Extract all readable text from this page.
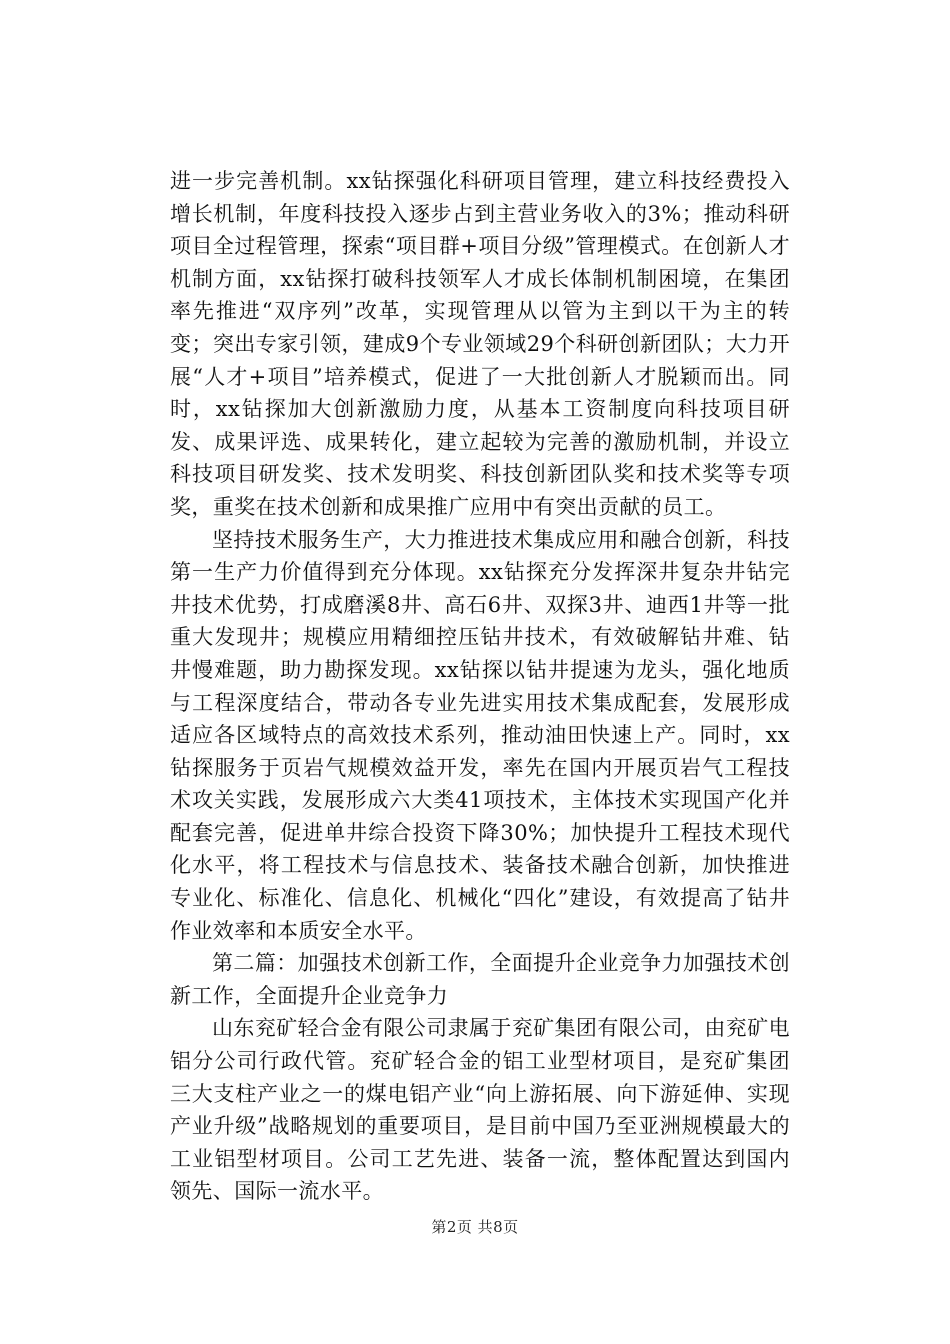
进一步完善机制。xx钻探强化科研项目管理，建立科技经费投入增长机制，年度科技投入逐步占到主营业务收入的3%；推动科研项目全过程管理，探索“项目群+项目分级”管理模式。在创新人才机制方面，xx钻探打破科技领军人才成长体制机制困境，在集团率先推进“双序列”改革，实现管理从以管为主到以干为主的转变；突出专家引领，建成9个专业领域29个科研创新团队；大力开展“人才+项目”培养模式，促进了一大批创新人才脱颖而出。同时，xx钻探加大创新激励力度，从基本工资制度向科技项目研发、成果评选、成果转化，建立起较为完善的激励机制，并设立科技项目研发奖、技术发明奖、科技创新团队奖和技术奖等专项奖，重奖在技术创新和成果推广应用中有突出贡献的员工。

坚持技术服务生产，大力推进技术集成应用和融合创新，科技第一生产力价值得到充分体现。xx钻探充分发挥深井复杂井钻完井技术优势，打成磨溪8井、高石6井、双探3井、迪西1井等一批重大发现井；规模应用精细控压钻井技术，有效破解钻井难、钻井慢难题，助力勘探发现。xx钻探以钻井提速为龙头，强化地质与工程深度结合，带动各专业先进实用技术集成配套，发展形成适应各区域特点的高效技术系列，推动油田快速上产。同时，xx钻探服务于页岩气规模效益开发，率先在国内开展页岩气工程技术攻关实践，发展形成六大类41项技术，主体技术实现国产化并配套完善，促进单井综合投资下降30%；加快提升工程技术现代化水平，将工程技术与信息技术、装备技术融合创新，加快推进专业化、标准化、信息化、机械化“四化”建设，有效提高了钻井作业效率和本质安全水平。

第二篇：加强技术创新工作，全面提升企业竞争力加强技术创新工作，全面提升企业竞争力

山东兖矿轻合金有限公司隶属于兖矿集团有限公司，由兖矿电铝分公司行政代管。兖矿轻合金的铝工业型材项目，是兖矿集团三大支柱产业之一的煤电铝产业“向上游拓展、向下游延伸、实现产业升级”战略规划的重要项目，是目前中国乃至亚洲规模最大的工业铝型材项目。公司工艺先进、装备一流，整体配置达到国内领先、国际一流水平。

第2页 共8页
